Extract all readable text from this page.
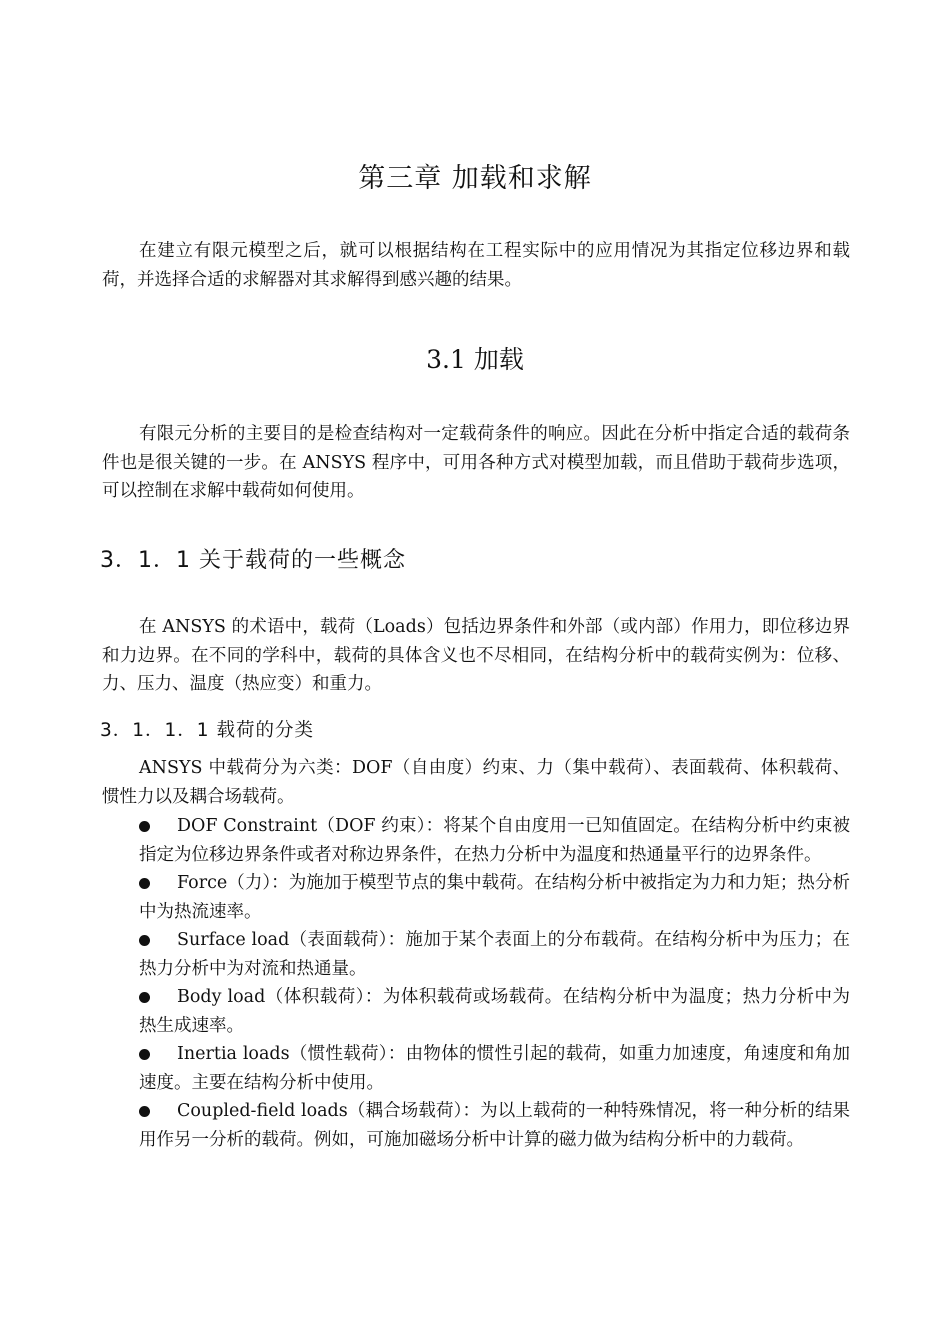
第三章 加载和求解

在建立有限元模型之后，就可以根据结构在工程实际中的应用情况为其指定位移边界和载荷，并选择合适的求解器对其求解得到感兴趣的结果。

3.1 加载

有限元分析的主要目的是检查结构对一定载荷条件的响应。因此在分析中指定合适的载荷条件也是很关键的一步。在 ANSYS 程序中，可用各种方式对模型加载，而且借助于载荷步选项，可以控制在求解中载荷如何使用。

3．1．1 关于载荷的一些概念

在 ANSYS 的术语中，载荷（Loads）包括边界条件和外部（或内部）作用力，即位移边界和力边界。在不同的学科中，载荷的具体含义也不尽相同，在结构分析中的载荷实例为：位移、力、压力、温度（热应变）和重力。

3．1．1．1 载荷的分类

ANSYS 中载荷分为六类：DOF（自由度）约束、力（集中载荷）、表面载荷、体积载荷、惯性力以及耦合场载荷。

DOF Constraint（DOF 约束）：将某个自由度用一已知值固定。在结构分析中约束被指定为位移边界条件或者对称边界条件，在热力分析中为温度和热通量平行的边界条件。
Force（力）：为施加于模型节点的集中载荷。在结构分析中被指定为力和力矩；热分析中为热流速率。
Surface load（表面载荷）：施加于某个表面上的分布载荷。在结构分析中为压力；在热力分析中为对流和热通量。
Body load（体积载荷）：为体积载荷或场载荷。在结构分析中为温度；热力分析中为热生成速率。
Inertia loads（惯性载荷）：由物体的惯性引起的载荷，如重力加速度，角速度和角加速度。主要在结构分析中使用。
Coupled-field loads（耦合场载荷）：为以上载荷的一种特殊情况，将一种分析的结果用作另一分析的载荷。例如，可施加磁场分析中计算的磁力做为结构分析中的力载荷。
